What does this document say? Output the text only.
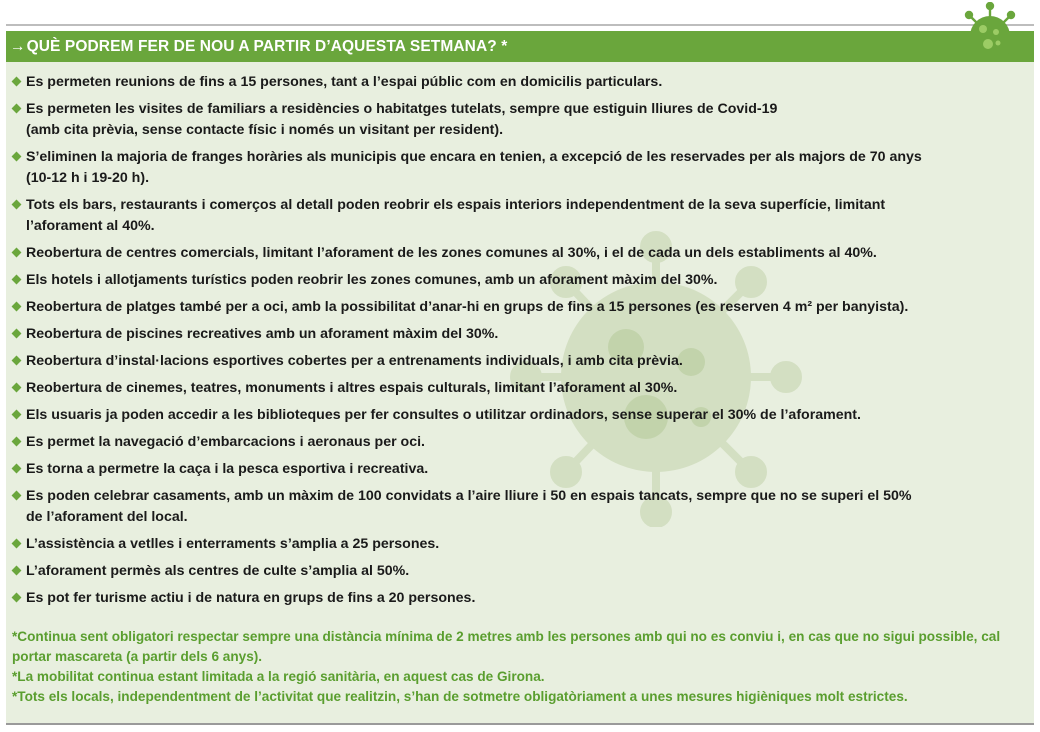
→ QUÈ PODREM FER DE NOU A PARTIR D’AQUESTA SETMANA? *
Es permeten reunions de fins a 15 persones, tant a l’espai públic com en domicilis particulars.
Es permeten les visites de familiars a residències o habitatges tutelats, sempre que estiguin lliures de Covid-19
(amb cita prèvia, sense contacte físic i només un visitant per resident).
S’eliminen la majoria de franges horàries als municipis que encara en tenien, a excepció de les reservades per als majors de 70 anys
(10-12 h i 19-20 h).
Tots els bars, restaurants i comerços al detall poden reobrir els espais interiors independentment de la seva superfície, limitant
l’aforament al 40%.
Reobertura de centres comercials, limitant l’aforament de les zones comunes al 30%, i el de cada un dels establiments al 40%.
Els hotels i allotjaments turístics poden reobrir les zones comunes, amb un aforament màxim del 30%.
Reobertura de platges també per a oci, amb la possibilitat d’anar-hi en grups de fins a 15 persones (es reserven 4 m² per banyista).
Reobertura de piscines recreatives amb un aforament màxim del 30%.
Reobertura d’instal·lacions esportives cobertes per a entrenaments individuals, i amb cita prèvia.
Reobertura de cinemes, teatres, monuments i altres espais culturals, limitant l’aforament al 30%.
Els usuaris ja poden accedir a les biblioteques per fer consultes o utilitzar ordinadors, sense superar el 30% de l’aforament.
Es permet la navegació d’embarcacions i aeronaus per oci.
Es torna a permetre la caça i la pesca esportiva i recreativa.
Es poden celebrar casaments, amb un màxim de 100 convidats a l’aire lliure i 50 en espais tancats, sempre que no se superi el 50%
de l’aforament del local.
L’assistència a vetlles i enterraments s’amplia a 25 persones.
L’aforament permès als centres de culte s’amplia al 50%.
Es pot fer turisme actiu i de natura en grups de fins a 20 persones.
*Continua sent obligatori respectar sempre una distància mínima de 2 metres amb les persones amb qui no es conviu i, en cas que no sigui possible, cal portar mascareta (a partir dels 6 anys).
*La mobilitat continua estant limitada a la regió sanitària, en aquest cas de Girona.
*Tots els locals, independentment de l’activitat que realitzin, s’han de sotmetre obligatòriament a unes mesures higièniques molt estrictes.
